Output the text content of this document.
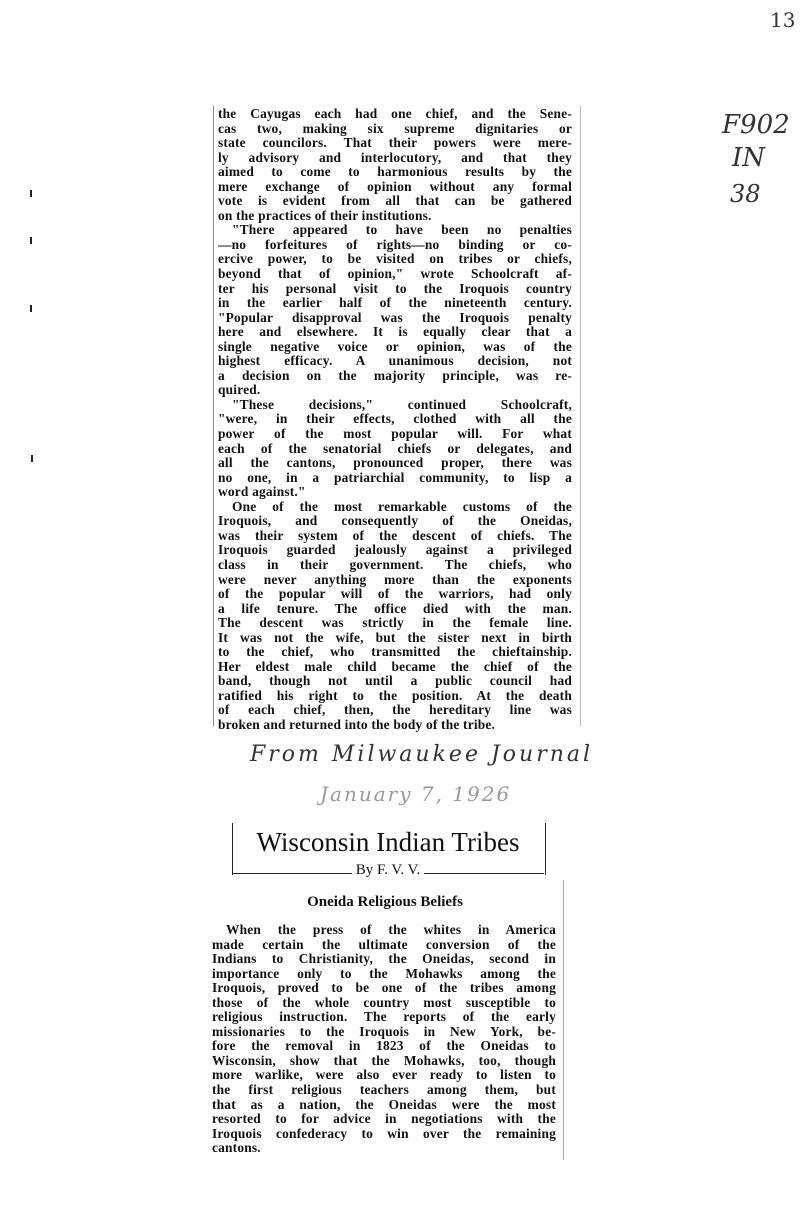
13
F902
IN
38
the Cayugas each had one chief, and the Sene-
cas two, making six supreme dignitaries or
state councilors. That their powers were mere-
ly advisory and interlocutory, and that they
aimed to come to harmonious results by the
mere exchange of opinion without any formal
vote is evident from all that can be gathered
on the practices of their institutions.
"There appeared to have been no penalties
—no forfeitures of rights—no binding or co-
ercive power, to be visited on tribes or chiefs,
beyond that of opinion," wrote Schoolcraft af-
ter his personal visit to the Iroquois country
in the earlier half of the nineteenth century.
"Popular disapproval was the Iroquois penalty
here and elsewhere. It is equally clear that a
single negative voice or opinion, was of the
highest efficacy. A unanimous decision, not
a decision on the majority principle, was re-
quired.
"These decisions," continued Schoolcraft,
"were, in their effects, clothed with all the
power of the most popular will. For what
each of the senatorial chiefs or delegates, and
all the cantons, pronounced proper, there was
no one, in a patriarchial community, to lisp a
word against."
One of the most remarkable customs of the
Iroquois, and consequently of the Oneidas,
was their system of the descent of chiefs. The
Iroquois guarded jealously against a privileged
class in their government. The chiefs, who
were never anything more than the exponents
of the popular will of the warriors, had only
a life tenure. The office died with the man.
The descent was strictly in the female line.
It was not the wife, but the sister next in birth
to the chief, who transmitted the chieftainship.
Her eldest male child became the chief of the
band, though not until a public council had
ratified his right to the position. At the death
of each chief, then, the hereditary line was
broken and returned into the body of the tribe.
From Milwaukee Journal
January 7, 1926
Wisconsin Indian Tribes
By F. V. V.
Oneida Religious Beliefs
When the press of the whites in America
made certain the ultimate conversion of the
Indians to Christianity, the Oneidas, second in
importance only to the Mohawks among the
Iroquois, proved to be one of the tribes among
those of the whole country most susceptible to
religious instruction. The reports of the early
missionaries to the Iroquois in New York, be-
fore the removal in 1823 of the Oneidas to
Wisconsin, show that the Mohawks, too, though
more warlike, were also ever ready to listen to
the first religious teachers among them, but
that as a nation, the Oneidas were the most
resorted to for advice in negotiations with the
Iroquois confederacy to win over the remaining
cantons.
